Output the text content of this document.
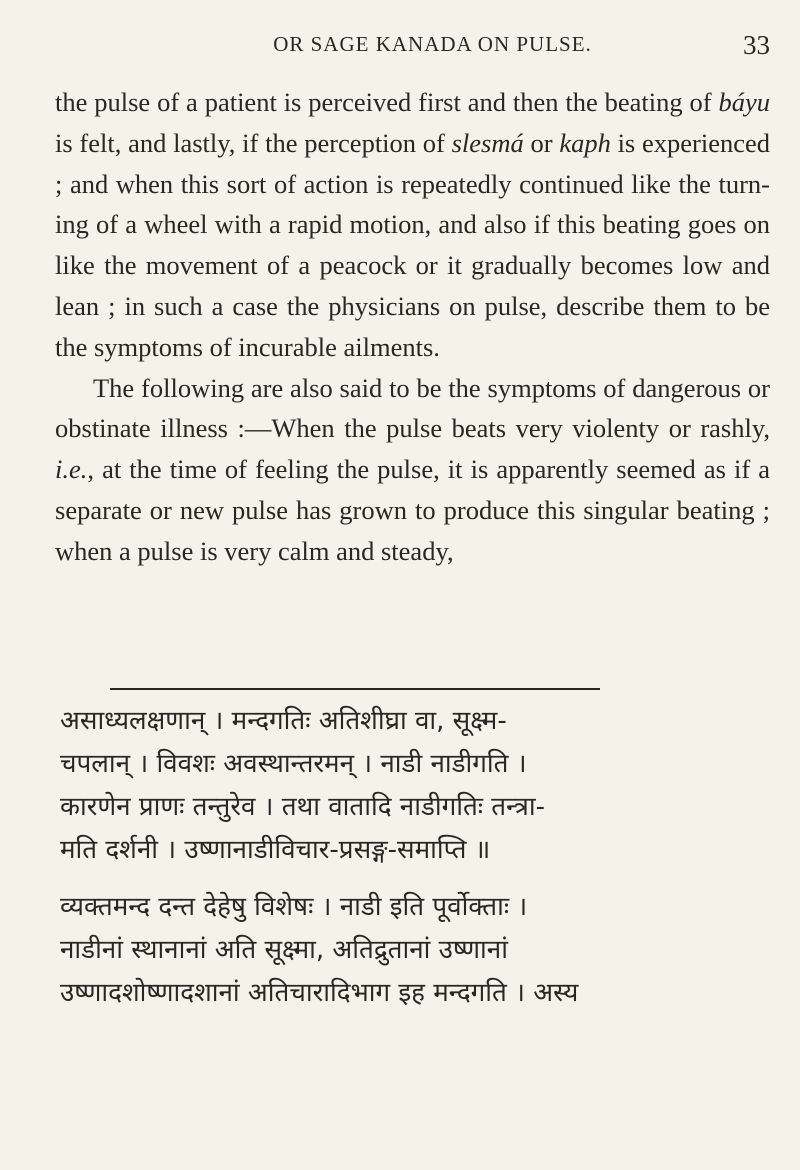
OR SAGE KANADA ON PULSE.	33

the pulse of a patient is perceived first and then the beating of báyu is felt, and lastly, if the perception of slesmá or kaph is experienced ; and when this sort of action is repeatedly continued like the turning of a wheel with a rapid motion, and also if this beating goes on like the movement of a peacock or it gradually becomes low and lean ; in such a case the physicians on pulse, describe them to be the symptoms of incurable ailments.

The following are also said to be the symptoms of dangerous or obstinate illness :—When the pulse beats very violenty or rashly, i.e., at the time of feeling the pulse, it is apparently seemed as if a separate or new pulse has grown to produce this singular beating ; when a pulse is very calm and steady,

असाध्यलक्षणान् । मन्दगतिः अतिशीघ्रा वा, सूक्ष्म-
चपलान् । विवशः अवस्थान्तरमन् । नाडी नाडीगति ।
कारणेन प्राणः तन्तुरेव । तथा वातादि नाडीगतिः तन्त्रा-
मति दर्शनी । उष्णानाडीविचार-प्रसङ्ग-समाप्ति ॥
व्यक्तमन्द दन्त देहेषु विशेषः । नाडी इति पूर्वोक्ताः ।
नाडीनां स्थानानां अति सूक्ष्मा, अतिद्रुतानां उष्णानां
उष्णादशोष्णादशानां अतिचारादिभाग इह मन्दगति । अस्य
